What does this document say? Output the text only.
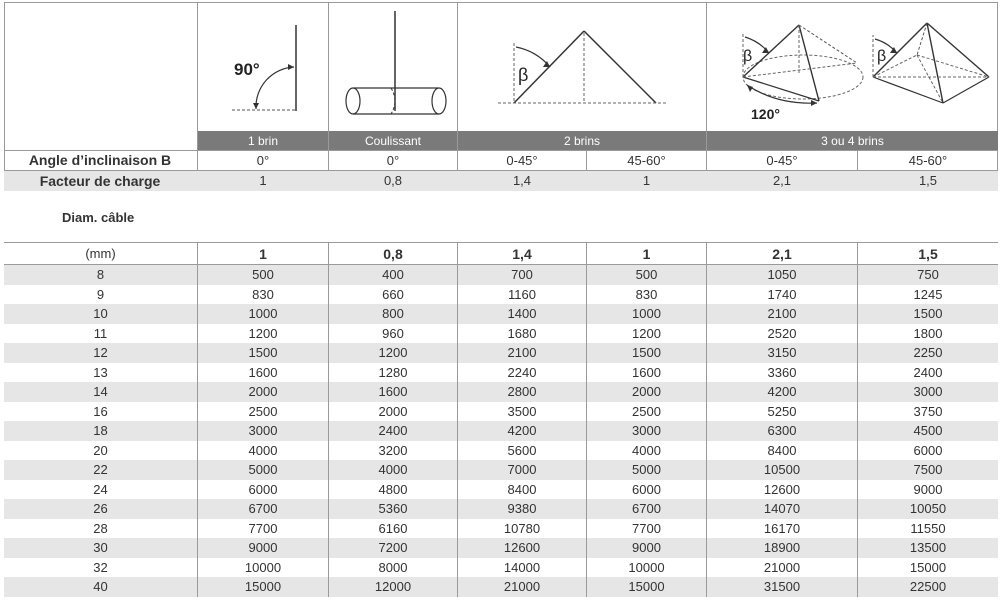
90°	β
β
120°
β
1 brin	Coulissant	2 brins	3 ou 4 brins
Angle d’inclinaison B	0°	0°	0-45°	45-60°	0-45°	45-60°
Facteur de charge	1	0,8	1,4	1	2,1	1,5
Diam. câble
(mm)	1	0,8	1,4	1	2,1	1,5
8	500	400	700	500	1050	750
9	830	660	1160	830	1740	1245
10	1000	800	1400	1000	2100	1500
11	1200	960	1680	1200	2520	1800
12	1500	1200	2100	1500	3150	2250
13	1600	1280	2240	1600	3360	2400
14	2000	1600	2800	2000	4200	3000
16	2500	2000	3500	2500	5250	3750
18	3000	2400	4200	3000	6300	4500
20	4000	3200	5600	4000	8400	6000
22	5000	4000	7000	5000	10500	7500
24	6000	4800	8400	6000	12600	9000
26	6700	5360	9380	6700	14070	10050
28	7700	6160	10780	7700	16170	11550
30	9000	7200	12600	9000	18900	13500
32	10000	8000	14000	10000	21000	15000
40	15000	12000	21000	15000	31500	22500
